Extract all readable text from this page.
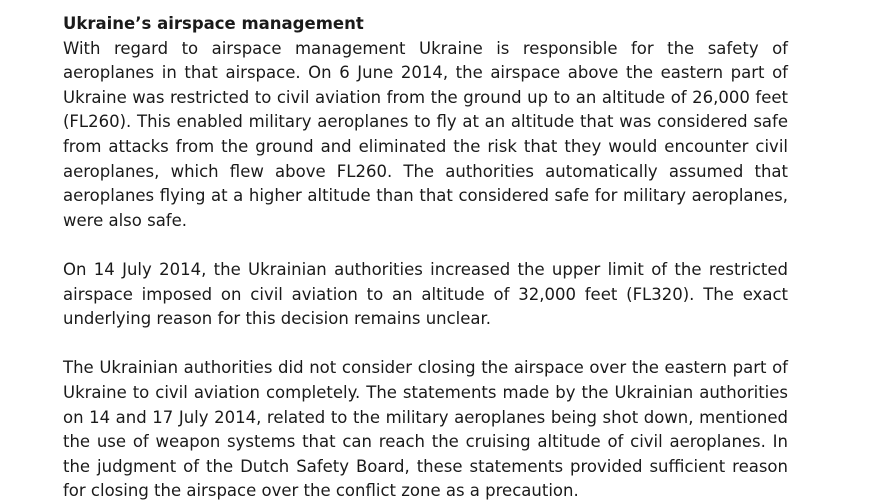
Ukraine’s airspace management

With regard to airspace management Ukraine is responsible for the safety of aeroplanes in that airspace. On 6 June 2014, the airspace above the eastern part of Ukraine was restricted to civil aviation from the ground up to an altitude of 26,000 feet (FL260). This enabled military aeroplanes to fly at an altitude that was considered safe from attacks from the ground and eliminated the risk that they would encounter civil aeroplanes, which flew above FL260. The authorities automatically assumed that aeroplanes flying at a higher altitude than that considered safe for military aeroplanes, were also safe.

On 14 July 2014, the Ukrainian authorities increased the upper limit of the restricted airspace imposed on civil aviation to an altitude of 32,000 feet (FL320). The exact underlying reason for this decision remains unclear.

The Ukrainian authorities did not consider closing the airspace over the eastern part of Ukraine to civil aviation completely. The statements made by the Ukrainian authorities on 14 and 17 July 2014, related to the military aeroplanes being shot down, mentioned the use of weapon systems that can reach the cruising altitude of civil aeroplanes. In the judgment of the Dutch Safety Board, these statements provided sufficient reason for closing the airspace over the conflict zone as a precaution.
